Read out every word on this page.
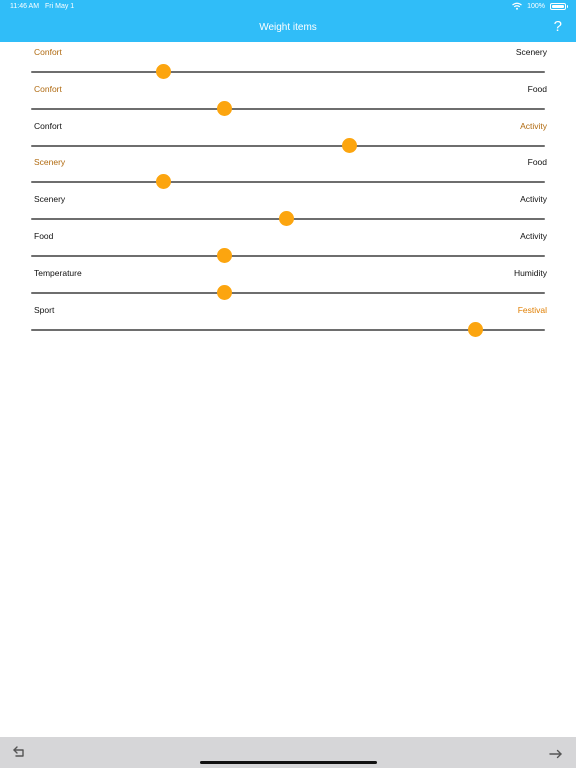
11:46 AM Fri May 1	100%
Weight items	?
Confort	Scenery
Confort	Food
Confort	Activity
Scenery	Food
Scenery	Activity
Food	Activity
Temperature	Humidity
Sport	Festival
